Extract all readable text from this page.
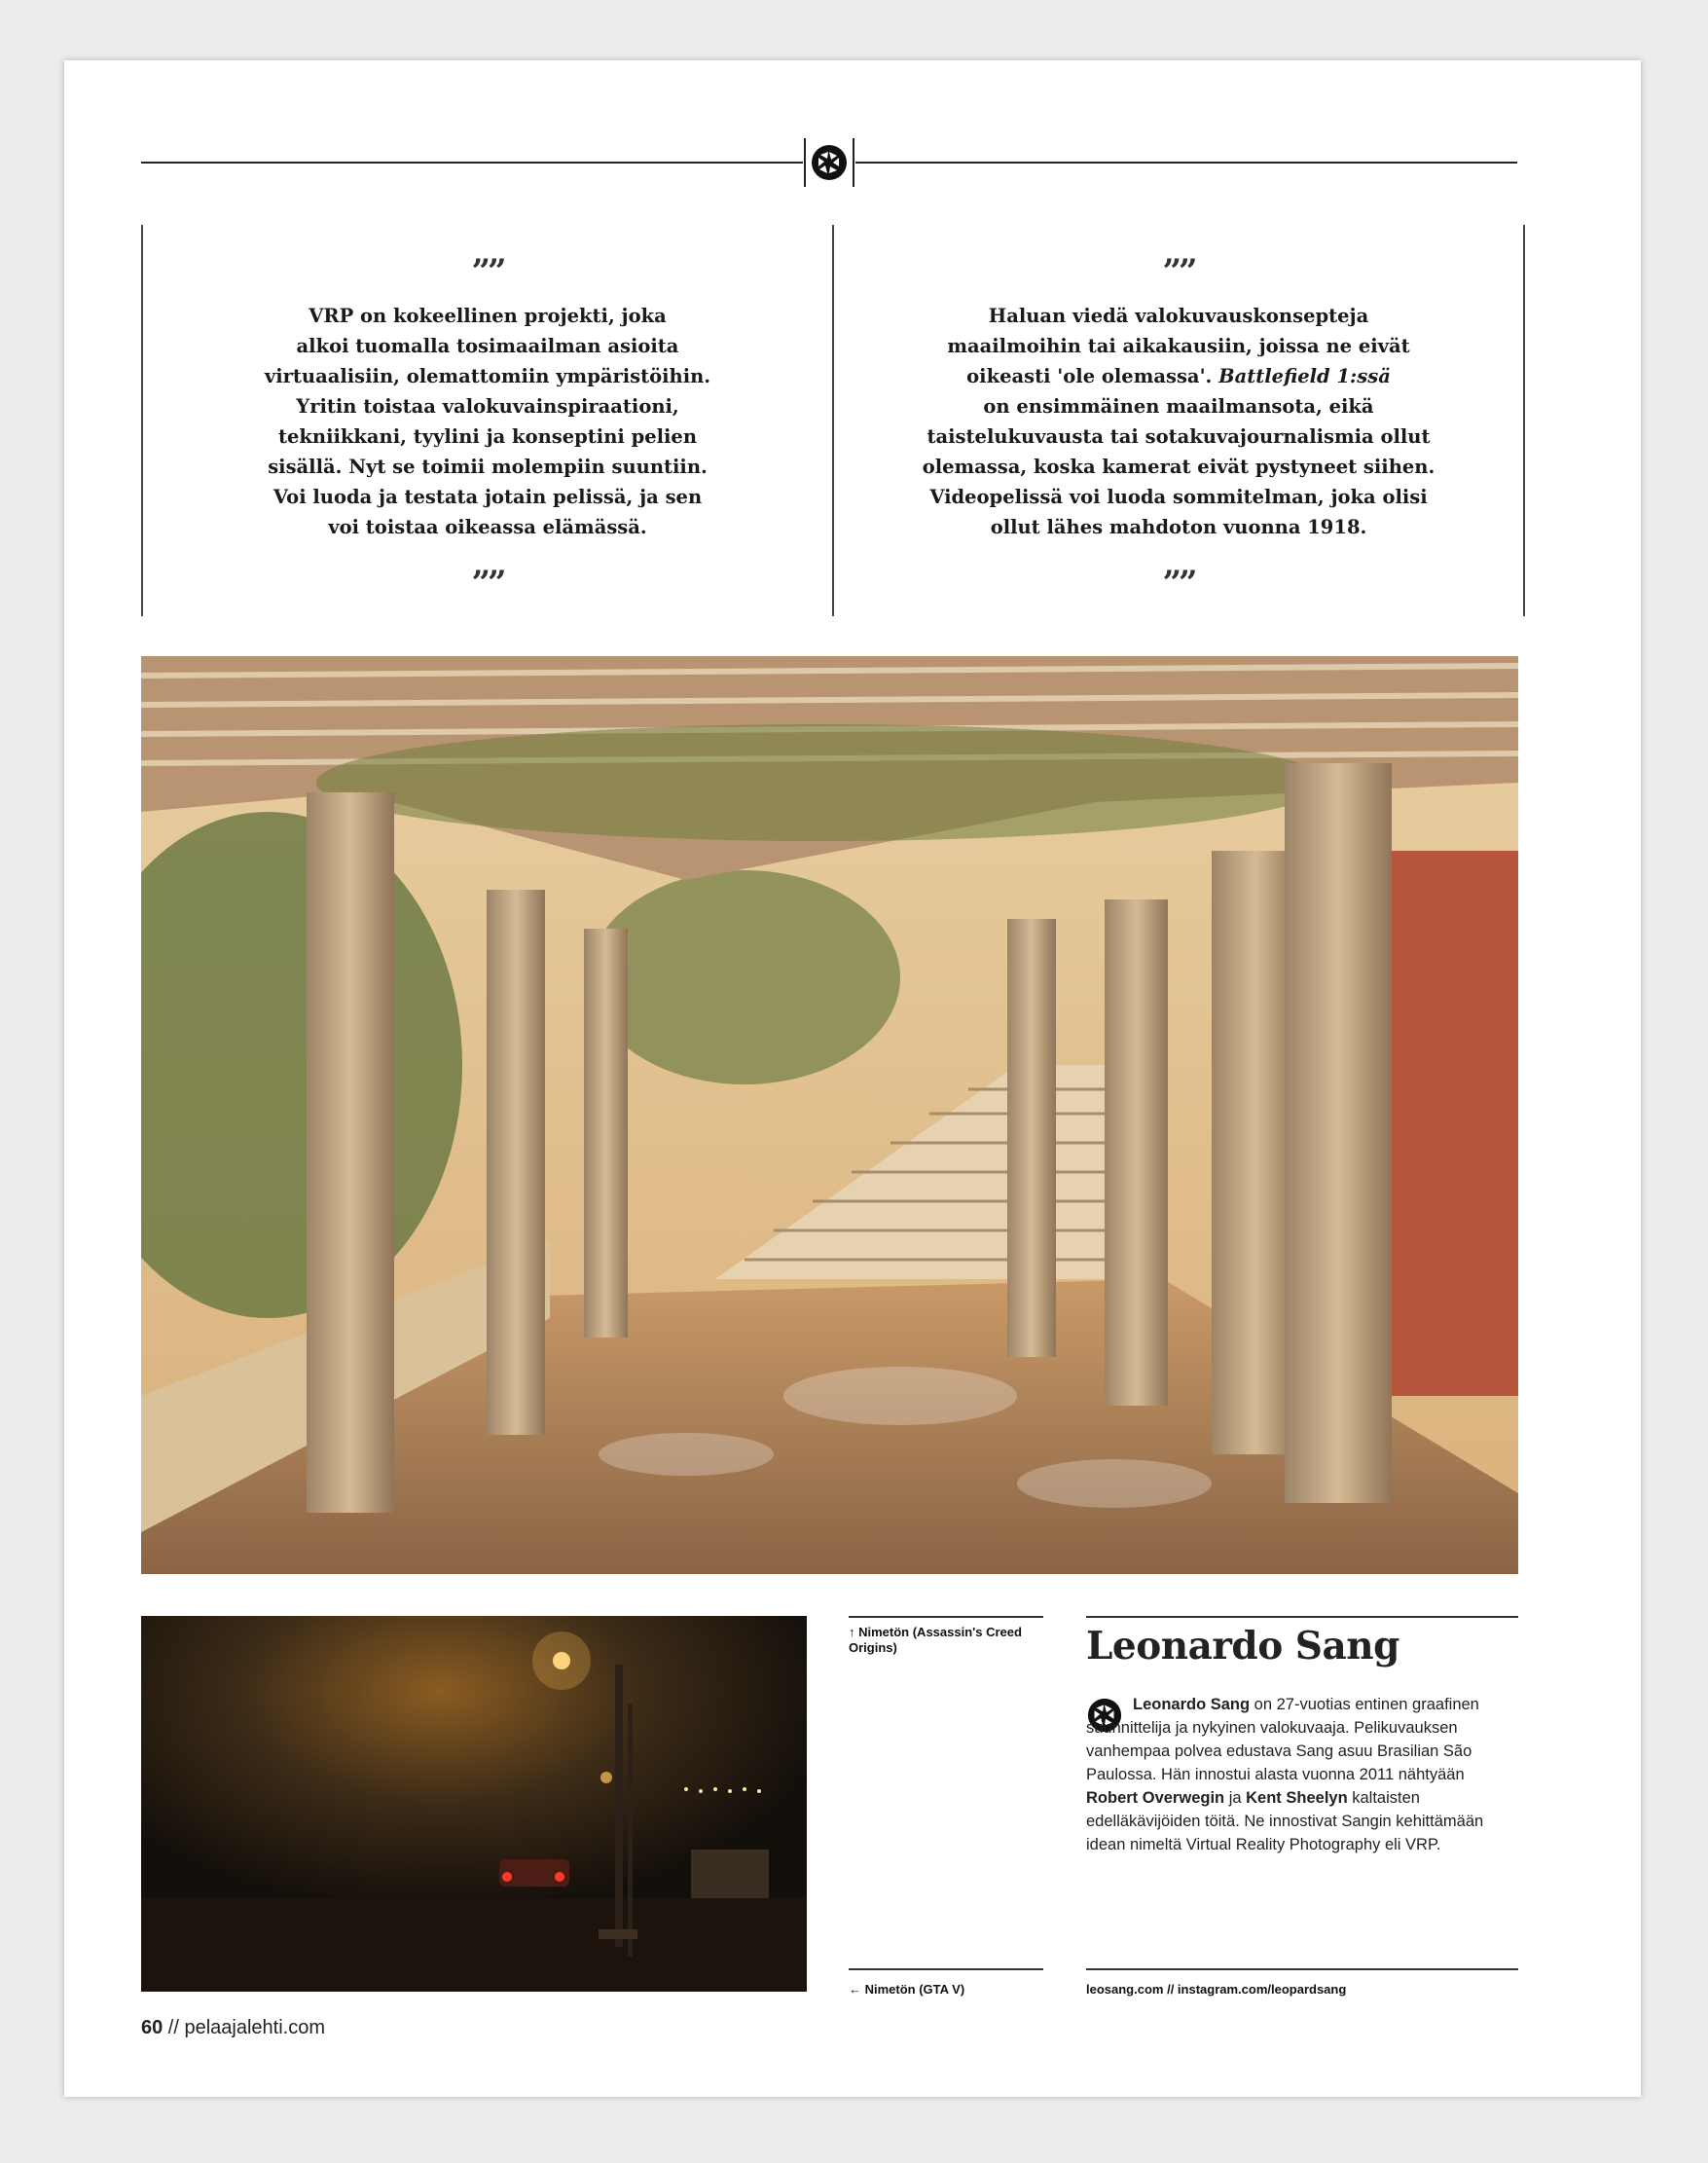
””

VRP on kokeellinen projekti, joka
alkoi tuomalla tosimaailman asioita
virtuaalisiin, olemattomiin ympäristöihin.
Yritin toistaa valokuvainspiraationi,
tekniikkani, tyylini ja konseptini pelien
sisällä. Nyt se toimii molempiin suuntiin.
Voi luoda ja testata jotain pelissä, ja sen
voi toistaa oikeassa elämässä.

””
””

Haluan viedä valokuvauskonsepteja
maailmoihin tai aikakausiin, joissa ne eivät
oikeasti 'ole olemassa'. Battlefield 1:ssä
on ensimmäinen maailmansota, eikä
taistelukuvausta tai sotakuvajournalismia ollut
olemassa, koska kamerat eivät pystyneet siihen.
Videopelissä voi luoda sommitelman, joka olisi
ollut lähes mahdoton vuonna 1918.

””
↑ Nimetön (Assassin's Creed Origins)
← Nimetön (GTA V)
Leonardo Sang

Leonardo Sang on 27-vuotias entinen graafinen suunnittelija ja nykyinen valokuvaaja. Pelikuvauksen vanhempaa polvea edustava Sang asuu Brasilian São Paulossa. Hän innostui alasta vuonna 2011 nähtyään Robert Overwegin ja Kent Sheelyn kaltaisten edelläkävijöiden töitä. Ne innostivat Sangin kehittämään idean nimeltä Virtual Reality Photography eli VRP.

leosang.com // instagram.com/leopardsang
60 // pelaajalehti.com
